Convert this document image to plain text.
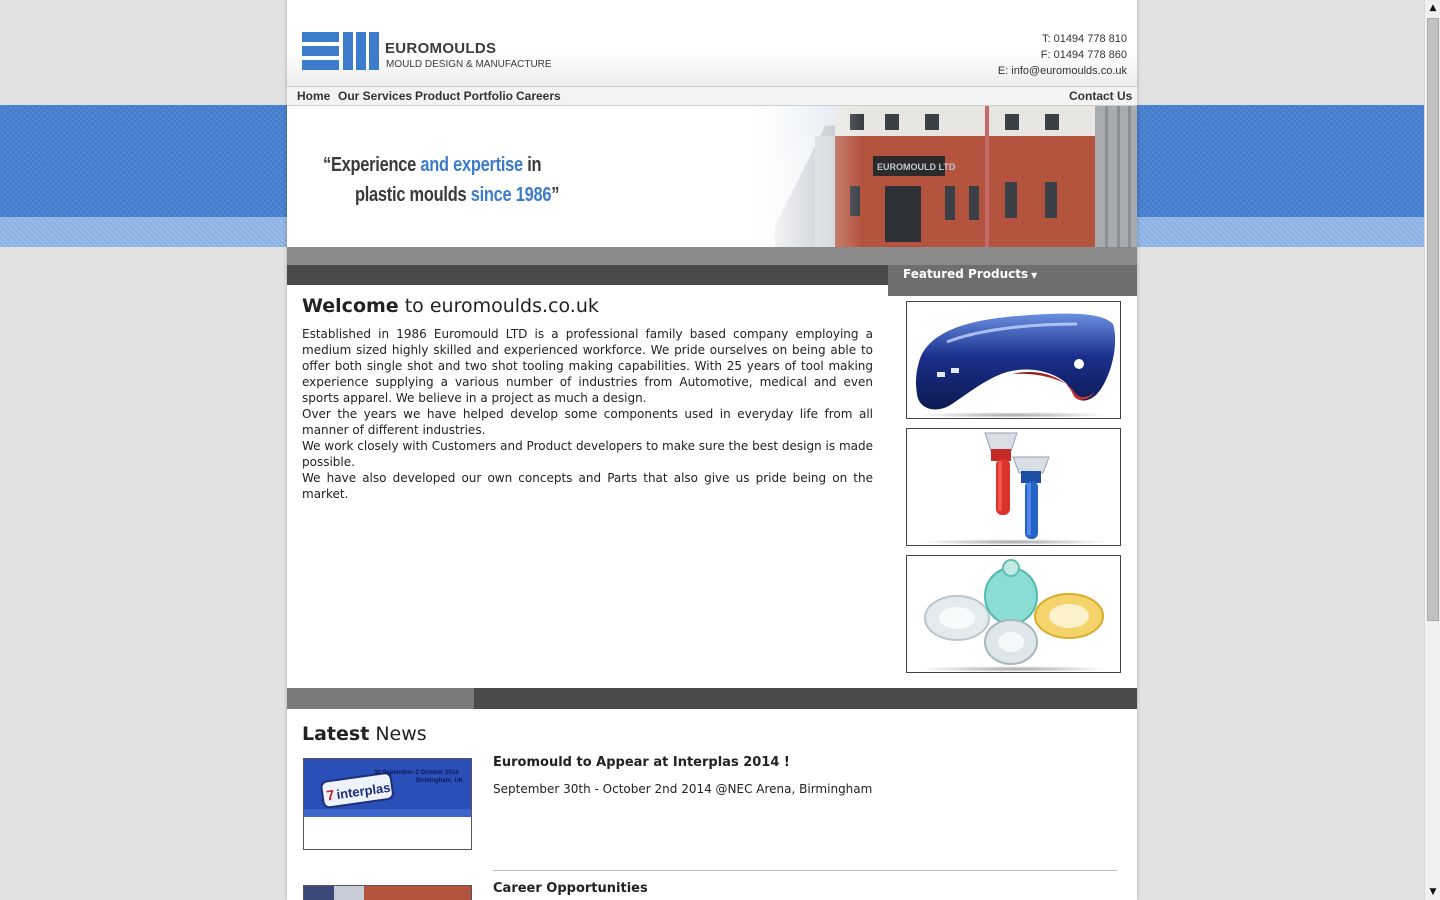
EUROMOULDS
MOULD DESIGN & MANUFACTURE
T: 01494 778 810
F: 01494 778 860
E: info@euromoulds.co.uk
Home Our Services Product Portfolio Careers	Contact Us
“Experience and expertise in
plastic moulds since 1986”
Featured Products ▼
Welcome to euromoulds.co.uk

Established in 1986 Euromould LTD is a professional family based company employing a medium sized highly skilled and experienced workforce. We pride ourselves on being able to offer both single shot and two shot tooling making capabilities. With 25 years of tool making experience supplying a various number of industries from Automotive, medical and even sports apparel. We believe in a project as much a design.

Over the years we have helped develop some components used in everyday life from all manner of different industries.

We work closely with Customers and Product developers to make sure the best design is made possible.

We have also developed our own concepts and Parts that also give us pride being on the market.

Latest News
7 interplas
30 September-2 October 2014
Birmingham, UK
Euromould to Appear at Interplas 2014 !
September 30th - October 2nd 2014 @NEC Arena, Birmingham
Career Opportunities
▲
▼
